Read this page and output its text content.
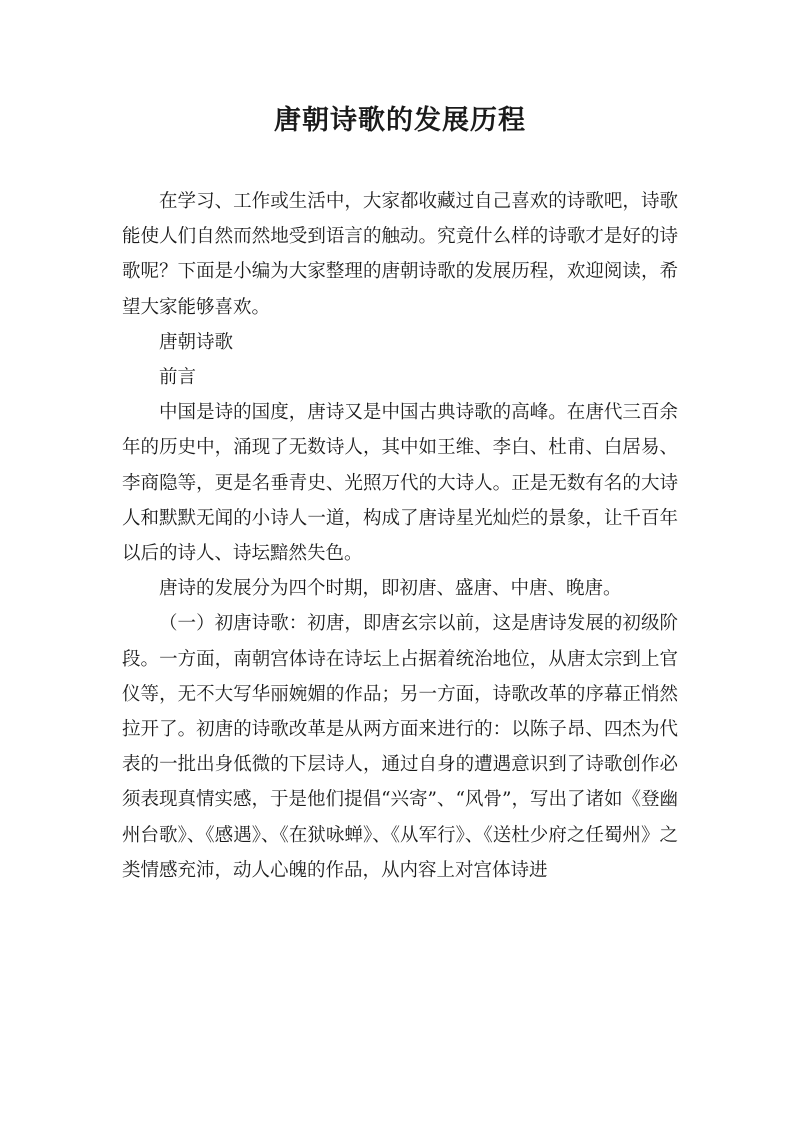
唐朝诗歌的发展历程

在学习、工作或生活中，大家都收藏过自己喜欢的诗歌吧，诗歌能使人们自然而然地受到语言的触动。究竟什么样的诗歌才是好的诗歌呢？下面是小编为大家整理的唐朝诗歌的发展历程，欢迎阅读，希望大家能够喜欢。

唐朝诗歌

前言

中国是诗的国度，唐诗又是中国古典诗歌的高峰。在唐代三百余年的历史中，涌现了无数诗人，其中如王维、李白、杜甫、白居易、李商隐等，更是名垂青史、光照万代的大诗人。正是无数有名的大诗人和默默无闻的小诗人一道，构成了唐诗星光灿烂的景象，让千百年以后的诗人、诗坛黯然失色。

唐诗的发展分为四个时期，即初唐、盛唐、中唐、晚唐。

（一）初唐诗歌：初唐，即唐玄宗以前，这是唐诗发展的初级阶段。一方面，南朝宫体诗在诗坛上占据着统治地位，从唐太宗到上官仪等，无不大写华丽婉媚的作品；另一方面，诗歌改革的序幕正悄然拉开了。初唐的诗歌改革是从两方面来进行的：以陈子昂、四杰为代表的一批出身低微的下层诗人，通过自身的遭遇意识到了诗歌创作必须表现真情实感，于是他们提倡“兴寄”、“风骨”，写出了诸如《登幽州台歌》、《感遇》、《在狱咏蝉》、《从军行》、《送杜少府之任蜀州》之类情感充沛，动人心魄的作品，从内容上对宫体诗进
